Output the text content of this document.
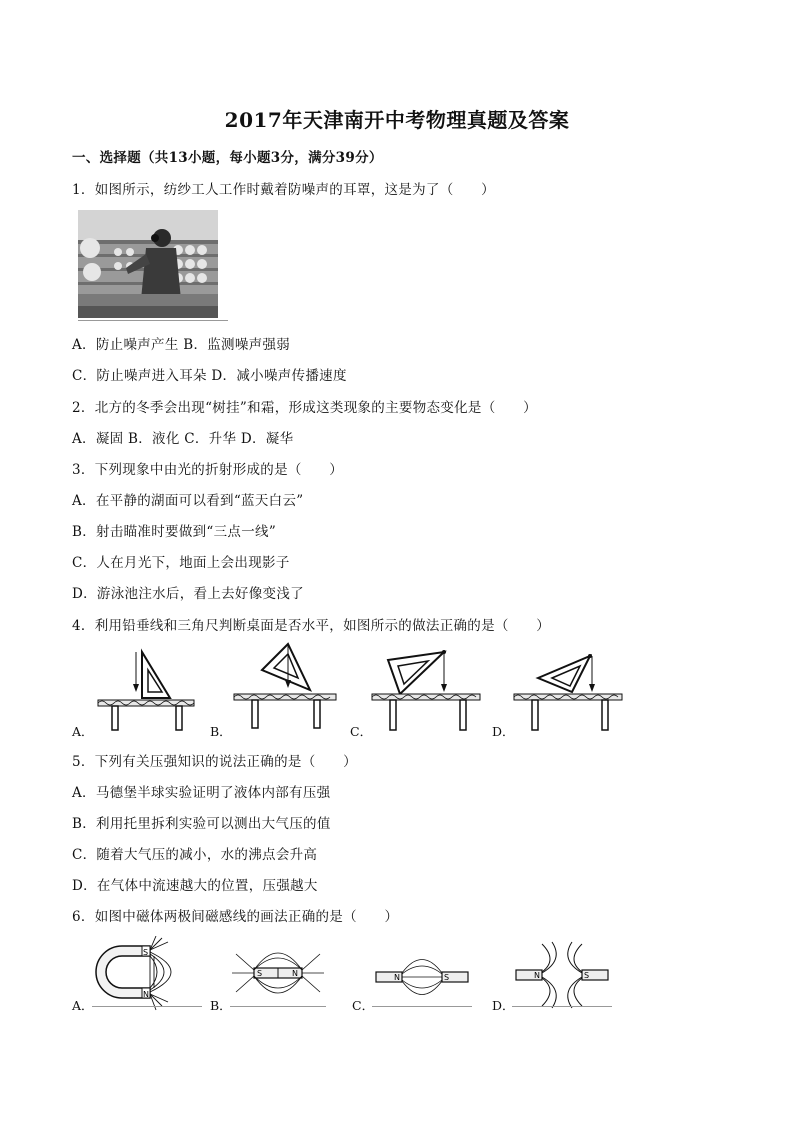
2017年天津南开中考物理真题及答案
一、选择题（共13小题，每小题3分，满分39分）
1．如图所示，纺纱工人工作时戴着防噪声的耳罩，这是为了（　　）
A．防止噪声产生 B．监测噪声强弱
C．防止噪声进入耳朵 D．减小噪声传播速度
2．北方的冬季会出现“树挂”和霜，形成这类现象的主要物态变化是（　　）
A．凝固 B．液化 C．升华 D．凝华
3．下列现象中由光的折射形成的是（　　）
A．在平静的湖面可以看到“蓝天白云”
B．射击瞄准时要做到“三点一线”
C．人在月光下，地面上会出现影子
D．游泳池注水后，看上去好像变浅了
4．利用铅垂线和三角尺判断桌面是否水平，如图所示的做法正确的是（　　）
A．	B．	C．	D．
5．下列有关压强知识的说法正确的是（　　）
A．马德堡半球实验证明了液体内部有压强
B．利用托里拆利实验可以测出大气压的值
C．随着大气压的减小，水的沸点会升高
D．在气体中流速越大的位置，压强越大
6．如图中磁体两极间磁感线的画法正确的是（　　）
S
N
A．
S	N
B．
N	S
C．
N	S
D．
